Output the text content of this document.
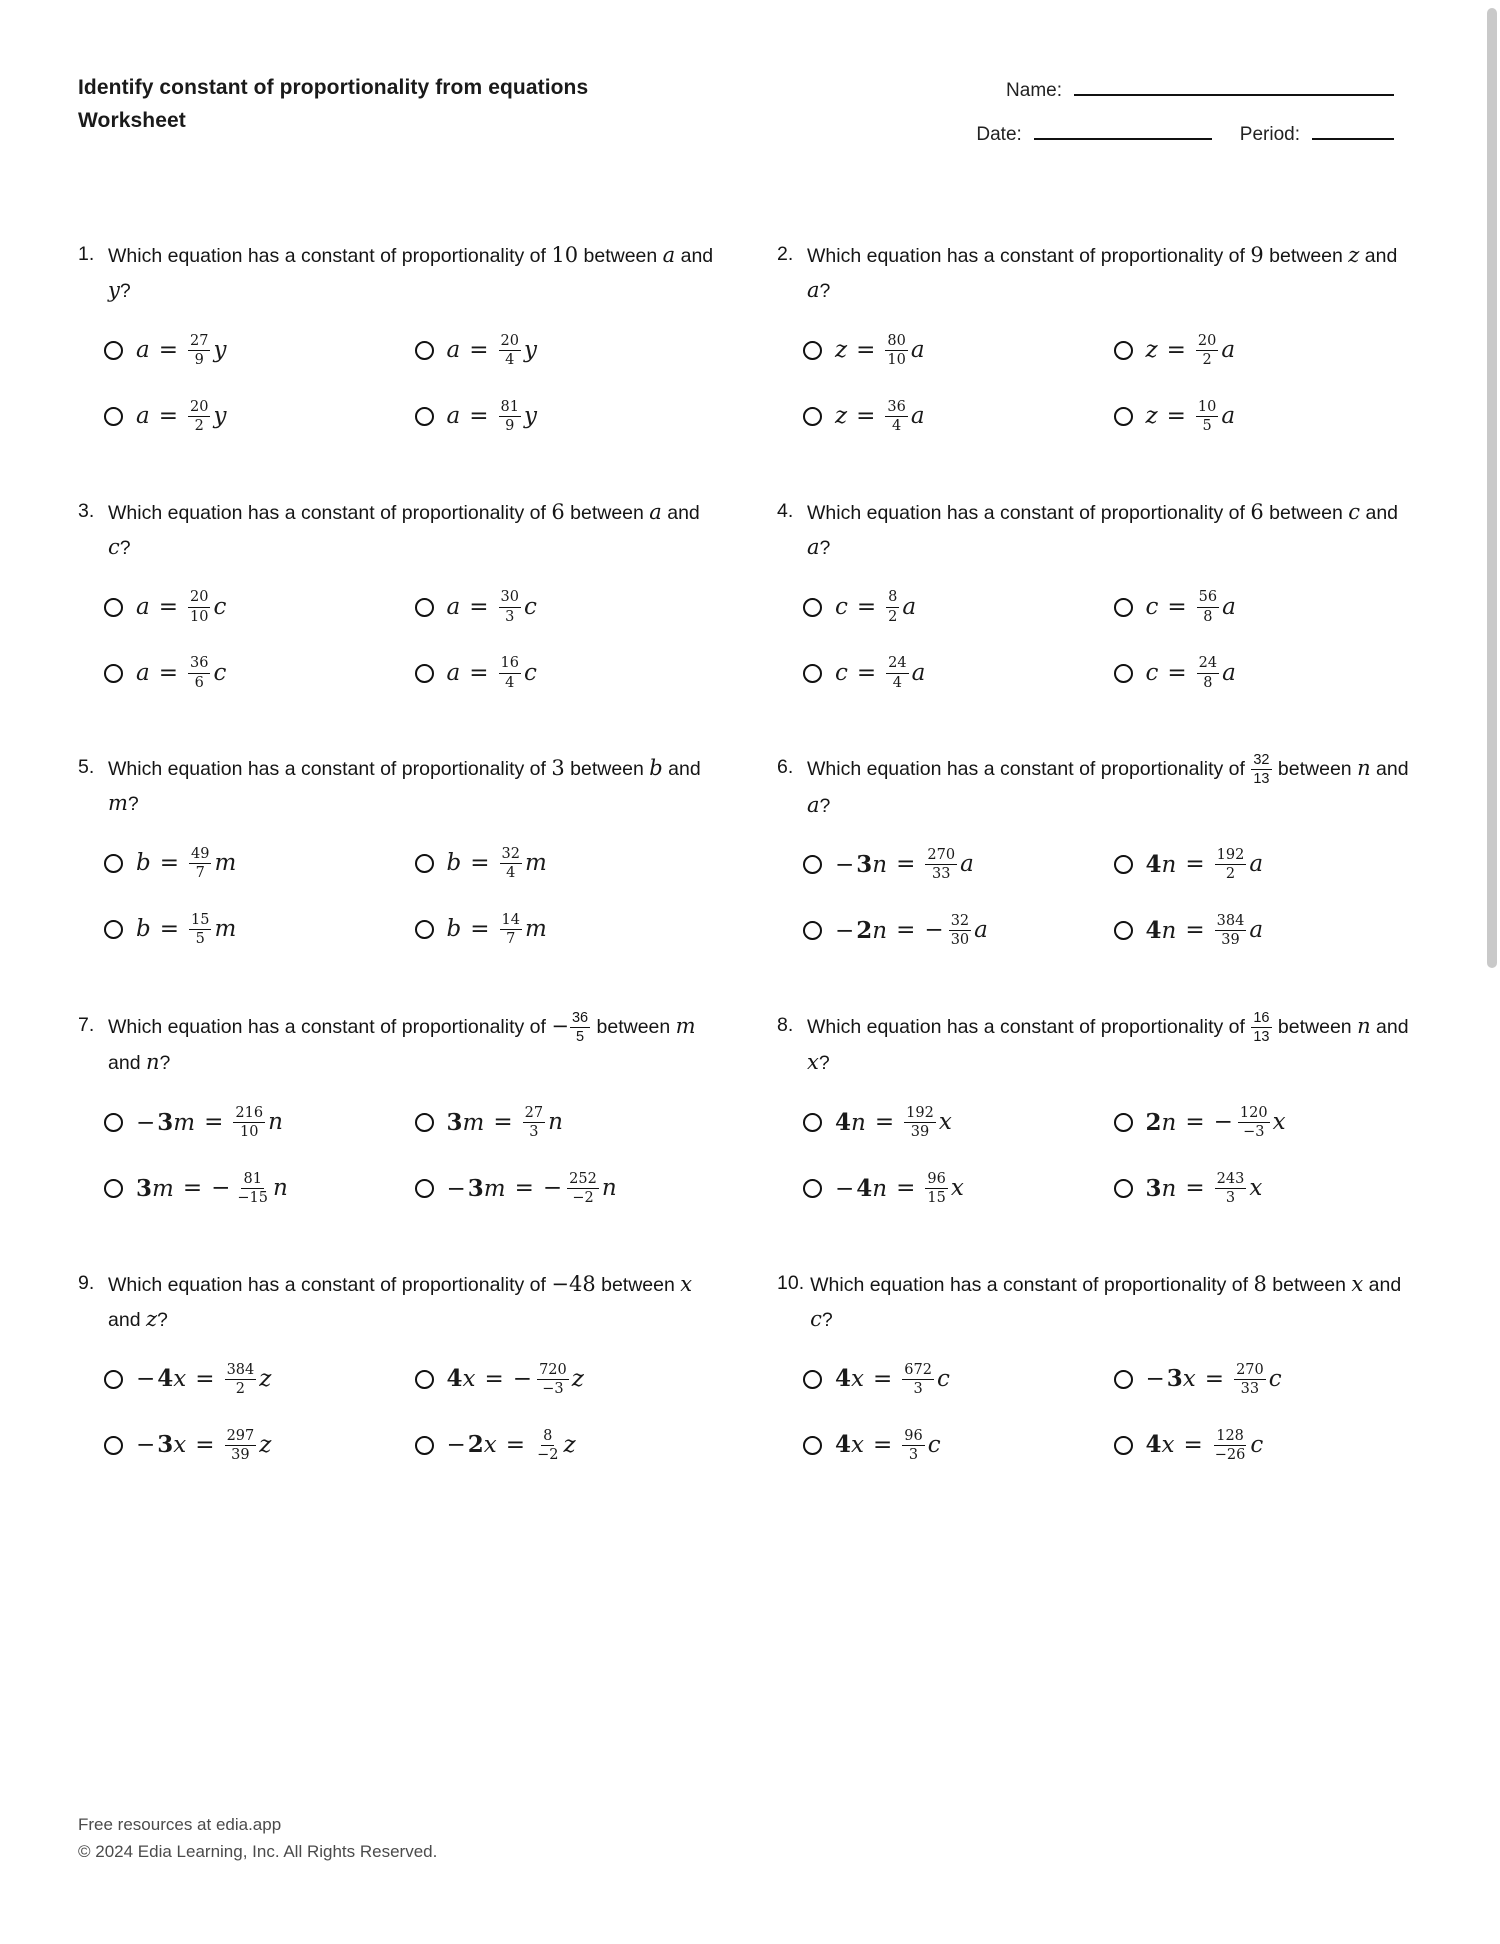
Identify constant of proportionality from equations
Worksheet
Name:
Date:	Period:
1. Which equation has a constant of proportionality of 10 between a and y?
$a = \frac{27}{9}$ y	$a = \frac{20}{4}$ y
$a = \frac{20}{2}$ y	$a = \frac{81}{9}$ y
2. Which equation has a constant of proportionality of 9 between z and a?
$z = \frac{80}{10}$ a	$z = \frac{20}{2}$ a
$z = \frac{36}{4}$ a	$z = \frac{10}{5}$ a
3. Which equation has a constant of proportionality of 6 between a and c?
$a = \frac{20}{10}$ c	$a = \frac{30}{3}$ c
$a = \frac{36}{6}$ c	$a = \frac{16}{4}$ c
4. Which equation has a constant of proportionality of 6 between c and a?
$c = \frac{8}{2}$ a	$c = \frac{56}{8}$ a
$c = \frac{24}{4}$ a	$c = \frac{24}{8}$ a
5. Which equation has a constant of proportionality of 3 between b and m?
$b = \frac{49}{7}$ m	$b = \frac{32}{4}$ m
$b = \frac{15}{5}$ m	$b = \frac{14}{7}$ m
6. Which equation has a constant of proportionality of $\frac{32}{13}$ between n and a?
$-3n = \frac{270}{33}$ a	$4n = \frac{192}{2}$ a
−2n = − $\frac{32}{30}$ a	$4n = \frac{384}{39}$ a
7. Which equation has a constant of proportionality of − $\frac{36}{5}$ between m and n?
$-3m = \frac{216}{10}$ n	$3m = \frac{27}{3}$ n
3m = − $\frac{81}{-15}$ n	−3m = − $\frac{252}{-2}$ n
8. Which equation has a constant of proportionality of $\frac{16}{13}$ between n and x?
$4n = \frac{192}{39}$ x	2n = − $\frac{120}{-3}$ x
$-4n = \frac{96}{15}$ x	$3n = \frac{243}{3}$ x
9. Which equation has a constant of proportionality of −48 between x and z?
$-4x = \frac{384}{2}$ z	4x = − $\frac{720}{-3}$ z
$-3x = \frac{297}{39}$ z	$-2x = \frac{8}{-2}$ z
10. Which equation has a constant of proportionality of 8 between x and c?
$4x = \frac{672}{3}$ c	$-3x = \frac{270}{33}$ c
$4x = \frac{96}{3}$ c	$4x = \frac{128}{-26}$ c
Free resources at edia.app
© 2024 Edia Learning, Inc. All Rights Reserved.
